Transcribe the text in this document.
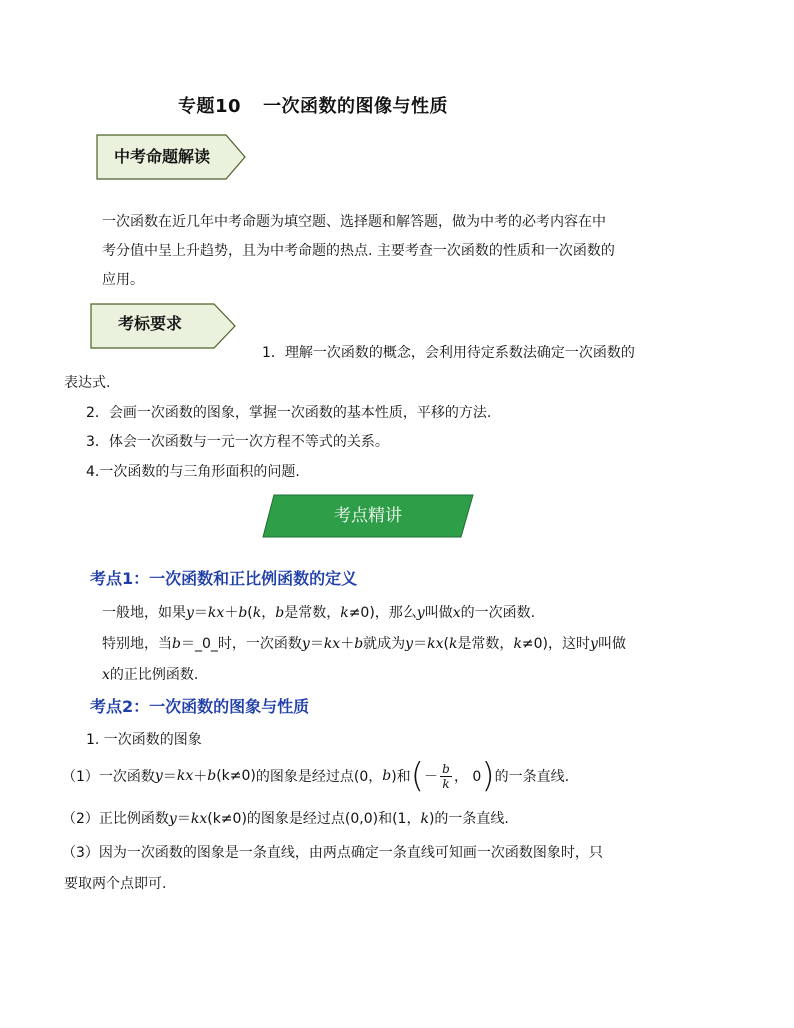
专题10 一次函数的图像与性质
中考命题解读
一次函数在近几年中考命题为填空题、选择题和解答题，做为中考的必考内容在中
考分值中呈上升趋势，且为中考命题的热点. 主要考查一次函数的性质和一次函数的
应用。
考标要求
1．理解一次函数的概念，会利用待定系数法确定一次函数的
表达式.
2．会画一次函数的图象，掌握一次函数的基本性质，平移的方法.
3．体会一次函数与一元一次方程不等式的关系。
4.一次函数的与三角形面积的问题.
考点精讲
考点1：一次函数和正比例函数的定义
一般地，如果y＝kx＋b(k，b是常数，k≠0)，那么y叫做x的一次函数.
特别地，当b＝_0_时，一次函数y＝kx＋b就成为y＝kx(k是常数，k≠0)，这时y叫做
x的正比例函数.
考点2：一次函数的图象与性质
1. 一次函数的图象
（1）一次函数 y ＝ kx ＋ b (k≠0) 的图象是经过点(0， b )和 ( － $\frac{b}{k}$ ， 0 ) 的一条直线.
（2）正比例函数y＝kx(k≠0)的图象是经过点(0,0)和(1，k)的一条直线.
（3）因为一次函数的图象是一条直线，由两点确定一条直线可知画一次函数图象时，只
要取两个点即可.
